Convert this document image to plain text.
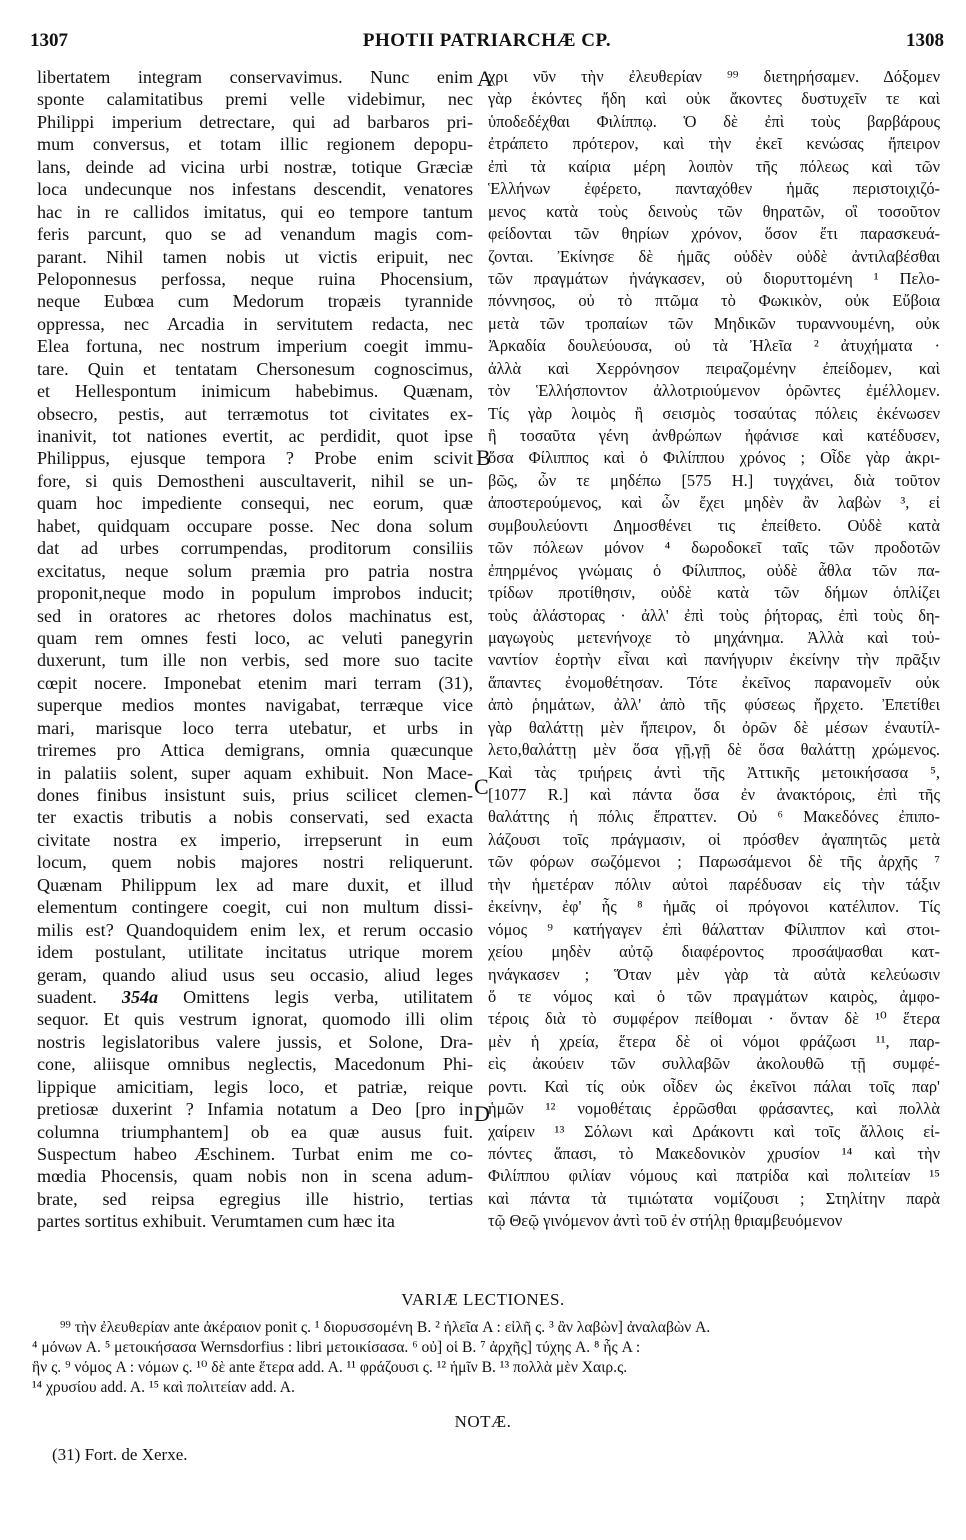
1307	PHOTII PATRIARCHÆ CP.	1308
libertatem integram conservavimus. Nunc enim
sponte calamitatibus premi velle videbimur, nec
Philippi imperium detrectare, qui ad barbaros pri-
mum conversus, et totam illic regionem depopu-
lans, deinde ad vicina urbi nostræ, totique Græciæ
loca undecunque nos infestans descendit, venatores
hac in re callidos imitatus, qui eo tempore tantum
feris parcunt, quo se ad venandum magis com-
parant. Nihil tamen nobis ut victis eripuit, nec
Peloponnesus perfossa, neque ruina Phocensium,
neque Eubœa cum Medorum tropæis tyrannide
oppressa, nec Arcadia in servitutem redacta, nec
Elea fortuna, nec nostrum imperium coegit immu-
tare. Quin et tentatam Chersonesum cognoscimus,
et Hellespontum inimicum habebimus. Quænam,
obsecro, pestis, aut terræmotus tot civitates ex-
inanivit, tot nationes evertit, ac perdidit, quot ipse
Philippus, ejusque tempora ? Probe enim scivit
fore, si quis Demostheni auscultaverit, nihil se un-
quam hoc impediente consequi, nec eorum, quæ
habet, quidquam occupare posse. Nec dona solum
dat ad urbes corrumpendas, proditorum consiliis
excitatus, neque solum præmia pro patria nostra
proponit,neque modo in populum improbos inducit;
sed in oratores ac rhetores dolos machinatus est,
quam rem omnes festi loco, ac veluti panegyrin
duxerunt, tum ille non verbis, sed more suo tacite
cœpit nocere. Imponebat etenim mari terram (31),
superque medios montes navigabat, terræque vice
mari, marisque loco terra utebatur, et urbs in
triremes pro Attica demigrans, omnia quæcunque
in palatiis solent, super aquam exhibuit. Non Mace-
dones finibus insistunt suis, prius scilicet clemen-
ter exactis tributis a nobis conservati, sed exacta
civitate nostra ex imperio, irrepserunt in eum
locum, quem nobis majores nostri reliquerunt.
Quænam Philippum lex ad mare duxit, et illud
elementum contingere coegit, cui non multum dissi-
milis est? Quandoquidem enim lex, et rerum occasio
idem postulant, utilitate incitatus utrique morem
geram, quando aliud usus seu occasio, aliud leges
suadent. 354a Omittens legis verba, utilitatem
sequor. Et quis vestrum ignorat, quomodo illi olim
nostris legislatoribus valere jussis, et Solone, Dra-
cone, aliisque omnibus neglectis, Macedonum Phi-
lippique amicitiam, legis loco, et patriæ, reique
pretiosæ duxerint ? Infamia notatum a Deo [pro in
columna triumphantem] ob ea quæ ausus fuit.
Suspectum habeo Æschinem. Turbat enim me co-
mœdia Phocensis, quam nobis non in scena adum-
brate, sed reipsa egregius ille histrio, tertias
partes sortitus exhibuit. Verumtamen cum hæc ita
χρι νῦν τὴν ἐλευθερίαν ⁹⁹ διετηρήσαμεν. Δόξομεν
γὰρ ἑκόντες ἤδη καὶ οὐκ ἄκοντες δυστυχεῖν τε καὶ
ὑποδεδέχθαι Φιλίππῳ. Ὁ δὲ ἐπὶ τοὺς βαρβάρους
ἐτράπετο πρότερον, καὶ τὴν ἐκεῖ κενώσας ἤπειρον
ἐπὶ τὰ καίρια μέρη λοιπὸν τῆς πόλεως καὶ τῶν
Ἑλλήνων ἐφέρετο, πανταχόθεν ἡμᾶς περιστοιχιζό-
μενος κατὰ τοὺς δεινοὺς τῶν θηρατῶν, οἳ τοσοῦτον
φείδονται τῶν θηρίων χρόνον, ὅσον ἔτι παρασκευά-
ζονται. Ἐκίνησε δὲ ἡμᾶς οὐδὲν οὐδὲ ἀντιλαβέσθαι
τῶν πραγμάτων ἠνάγκασεν, οὐ διορυττομένη ¹ Πελο-
πόννησος, οὐ τὸ πτῶμα τὸ Φωκικὸν, οὐκ Εὔβοια
μετὰ τῶν τροπαίων τῶν Μηδικῶν τυραννουμένη, οὐκ
Ἀρκαδία δουλεύουσα, οὐ τὰ Ἠλεῖα ² ἀτυχήματα ·
ἀλλὰ καὶ Χερρόνησον πειραζομένην ἐπείδομεν, καὶ
τὸν Ἑλλήσποντον ἀλλοτριούμενον ὁρῶντες ἐμέλλομεν.
Τίς γὰρ λοιμὸς ἢ σεισμὸς τοσαύτας πόλεις ἐκένωσεν
ἢ τοσαῦτα γένη ἀνθρώπων ἠφάνισε καὶ κατέδυσεν,
ὅσα Φίλιππος καὶ ὁ Φιλίππου χρόνος ; Οἶδε γὰρ ἀκρι-
βῶς, ὧν τε μηδέπω [575 H.] τυγχάνει, διὰ τοῦτον
ἀποστερούμενος, καὶ ὧν ἔχει μηδὲν ἂν λαβὼν ³, εἰ
συμβουλεύοντι Δημοσθένει τις ἐπείθετο. Οὐδὲ κατὰ
τῶν πόλεων μόνον ⁴ δωροδοκεῖ ταῖς τῶν προδοτῶν
ἐπηρμένος γνώμαις ὁ Φίλιππος, οὐδὲ ἆθλα τῶν πα-
τρίδων προτίθησιν, οὐδὲ κατὰ τῶν δήμων ὁπλίζει
τοὺς ἀλάστορας · ἀλλ' ἐπὶ τοὺς ῥήτορας, ἐπὶ τοὺς δη-
μαγωγοὺς μετενήνοχε τὸ μηχάνημα. Ἀλλὰ καὶ τοὐ-
ναντίον ἑορτὴν εἶναι καὶ πανήγυριν ἐκείνην τὴν πρᾶξιν
ἅπαντες ἐνομοθέτησαν. Τότε ἐκεῖνος παρανομεῖν οὐκ
ἀπὸ ῥημάτων, ἀλλ' ἀπὸ τῆς φύσεως ἤρχετο. Ἐπετίθει
γὰρ θαλάττῃ μὲν ἤπειρον, δι ὀρῶν δὲ μέσων ἐναυτίλ-
λετο,θαλάττῃ μὲν ὅσα γῇ,γῇ δὲ ὅσα θαλάττῃ χρώμενος.
Καὶ τὰς τριήρεις ἀντὶ τῆς Ἀττικῆς μετοικήσασα ⁵,
[1077 R.] καὶ πάντα ὅσα ἐν ἀνακτόροις, ἐπὶ τῆς
θαλάττης ἡ πόλις ἔπραττεν. Οὐ ⁶ Μακεδόνες ἐπιπο-
λάζουσι τοῖς πράγμασιν, οἱ πρόσθεν ἀγαπητῶς μετὰ
τῶν φόρων σωζόμενοι ; Παρωσάμενοι δὲ τῆς ἀρχῆς ⁷
τὴν ἡμετέραν πόλιν αὐτοὶ παρέδυσαν εἰς τὴν τάξιν
ἐκείνην, ἐφ' ἧς ⁸ ἡμᾶς οἱ πρόγονοι κατέλιπον. Τίς
νόμος ⁹ κατήγαγεν ἐπὶ θάλατταν Φίλιππον καὶ στοι-
χείου μηδὲν αὐτῷ διαφέροντος προσάψασθαι κατ-
ηνάγκασεν ; Ὅταν μὲν γὰρ τὰ αὐτὰ κελεύωσιν
ὅ τε νόμος καὶ ὁ τῶν πραγμάτων καιρὸς, ἀμφο-
τέροις διὰ τὸ συμφέρον πείθομαι · ὅνταν δὲ ¹⁰ ἕτερα
μὲν ἡ χρεία, ἕτερα δὲ οἱ νόμοι φράζωσι ¹¹, παρ-
εὶς ἀκούειν τῶν συλλαβῶν ἀκολουθῶ τῇ συμφέ-
ροντι. Καὶ τίς οὐκ οἶδεν ὡς ἐκεῖνοι πάλαι τοῖς παρ'
ἡμῶν ¹² νομοθέταις ἐρρῶσθαι φράσαντες, καὶ πολλὰ
χαίρειν ¹³ Σόλωνι καὶ Δράκοντι καὶ τοῖς ἄλλοις εἰ-
πόντες ἅπασι, τὸ Μακεδονικὸν χρυσίον ¹⁴ καὶ τὴν
Φιλίππου φιλίαν νόμους καὶ πατρίδα καὶ πολιτείαν ¹⁵
καὶ πάντα τὰ τιμιώτατα νομίζουσι ; Στηλίτην παρὰ
τῷ Θεῷ γινόμενον ἀντὶ τοῦ ἐν στήλῃ θριαμβευόμενον
A
B
C
D
VARIÆ LECTIONES.
⁹⁹ τὴν ἐλευθερίαν ante ἀκέραιον ponit ς. ¹ διορυσσομένη B. ² ἠλεῖα A : εἰλῆ ς. ³ ἂν λαβὼν] ἀναλαβὼν A.
⁴ μόνων A. ⁵ μετοικήσασα Wernsdorfius : libri μετοικίσασα. ⁶ οὐ] οἱ B. ⁷ ἀρχῆς] τύχης A. ⁸ ἧς A :
ἣν ς. ⁹ νόμος A : νόμων ς. ¹⁰ δὲ ante ἕτερα add. A. ¹¹ φράζουσι ς. ¹² ἡμῖν B. ¹³ πολλὰ μὲν Χαιρ.ς.
¹⁴ χρυσίου add. A. ¹⁵ καὶ πολιτείαν add. A.
NOTÆ.
(31) Fort. de Xerxe.
